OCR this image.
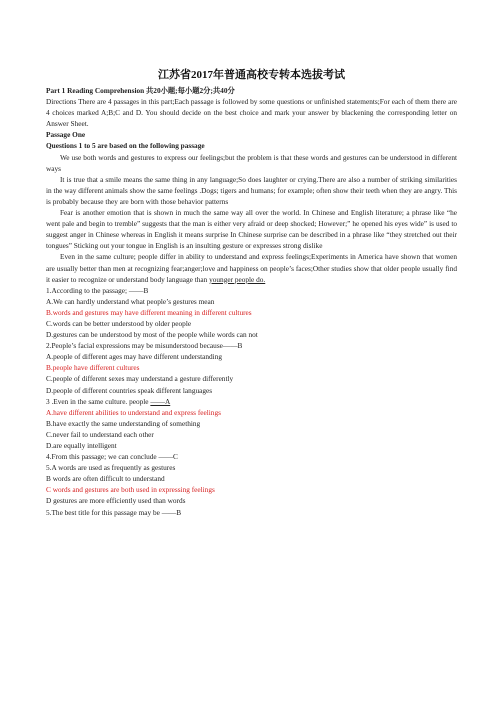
江苏省2017年普通高校专转本选拔考试

Part 1 Reading Comprehension 共20小题;每小题2分;共40分

Directions There are 4 passages in this part;Each passage is followed by some questions or unfinished statements;For each of them there are 4 choices marked A;B;C and D. You should decide on the best choice and mark your answer by blackening the corresponding letter on Answer Sheet.

Passage One

Questions 1 to 5 are based on the following passage

We use both words and gestures to express our feelings;but the problem is that these words and gestures can be understood in different ways

It is true that a smile means the same thing in any language;So does laughter or crying.There are also a number of striking similarities in the way different animals show the same feelings .Dogs; tigers and humans; for example; often show their teeth when they are angry. This is probably because they are born with those behavior patterns

Fear is another emotion that is shown in much the same way all over the world. In Chinese and English literature; a phrase like “he went pale and begin to tremble” suggests that the man is either very afraid or deep shocked; However;” he opened his eyes wide” is used to suggest anger in Chinese whereas in English it means surprise In Chinese surprise can be described in a phrase like “they stretched out their tongues” Sticking out your tongue in English is an insulting gesture or expresses strong dislike

Even in the same culture; people differ in ability to understand and express feelings;Experiments in America have shown that women are usually better than men at recognizing fear;anger;love and happiness on people’s faces;Other studies show that older people usually find it easier to recognize or understand body language than younger people do.

1.According to the passage; ——B

A.We can hardly understand what people’s gestures mean

B.words and gestures may have different meaning in different cultures

C.words can be better understood by older people

D.gestures can be understood by most of the people while words can not

2.People’s facial expressions may be misunderstood because——B

A.people of different ages may have different understanding

B.people have different cultures

C.people of different sexes may understand a gesture differently

D.people of different countries speak different languages

3 .Even in the same culture. people ——A

A.have different abilities to understand and express feelings

B.have exactly the same understanding of something

C.never fail to understand each other

D.are equally intelligent

4.From this passage; we can conclude ——C

5.A words are used as frequently as gestures

B words are often difficult to understand

C words and gestures are both used in expressing feelings

D gestures are more efficiently used than words

5.The best title for this passage may be ——B
